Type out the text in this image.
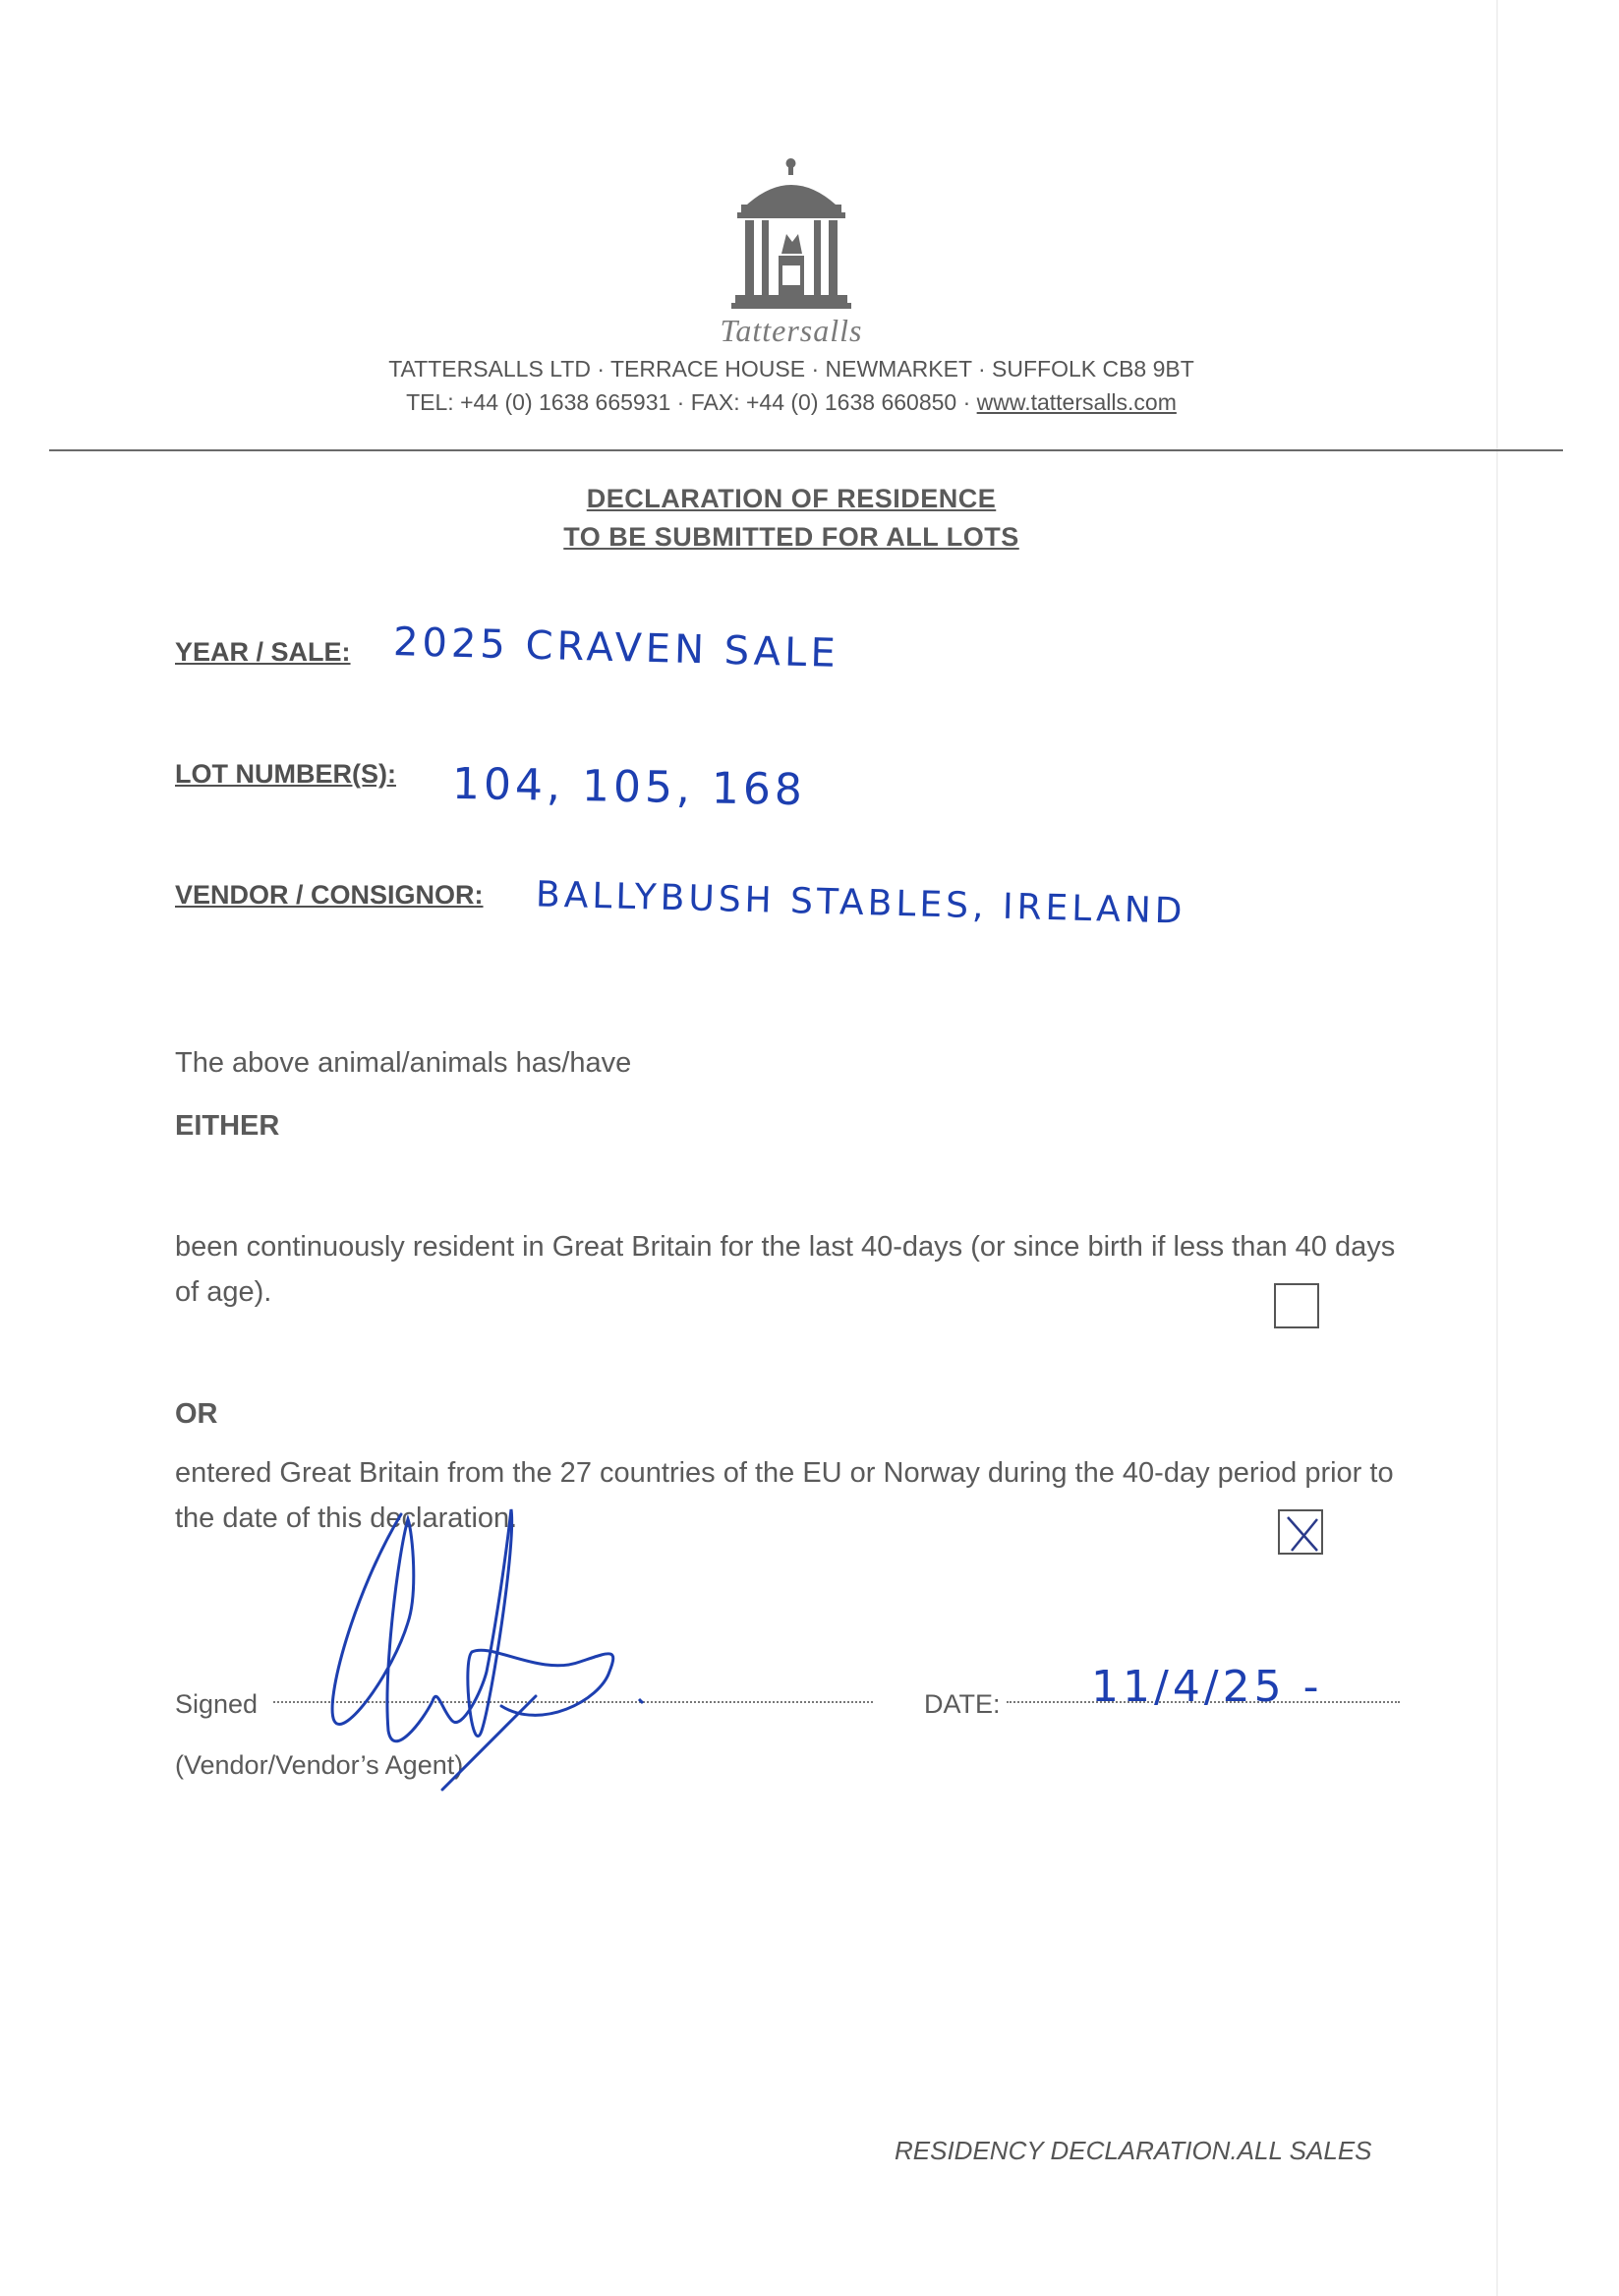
Tattersalls
TATTERSALLS LTD · TERRACE HOUSE · NEWMARKET · SUFFOLK CB8 9BT
TEL: +44 (0) 1638 665931 · FAX: +44 (0) 1638 660850 · www.tattersalls.com
DECLARATION OF RESIDENCE
TO BE SUBMITTED FOR ALL LOTS
YEAR / SALE: 2025 CRAVEN SALE
LOT NUMBER(S): 104, 105, 168
VENDOR / CONSIGNOR: BALLYBUSH STABLES, IRELAND
The above animal/animals has/have
EITHER
been continuously resident in Great Britain for the last 40-days (or since birth if less than 40 days of age).
OR
entered Great Britain from the 27 countries of the EU or Norway during the 40-day period prior to the date of this declaration.
Signed	DATE: 11/4/25 -
(Vendor/Vendor’s Agent)
RESIDENCY DECLARATION.ALL SALES
